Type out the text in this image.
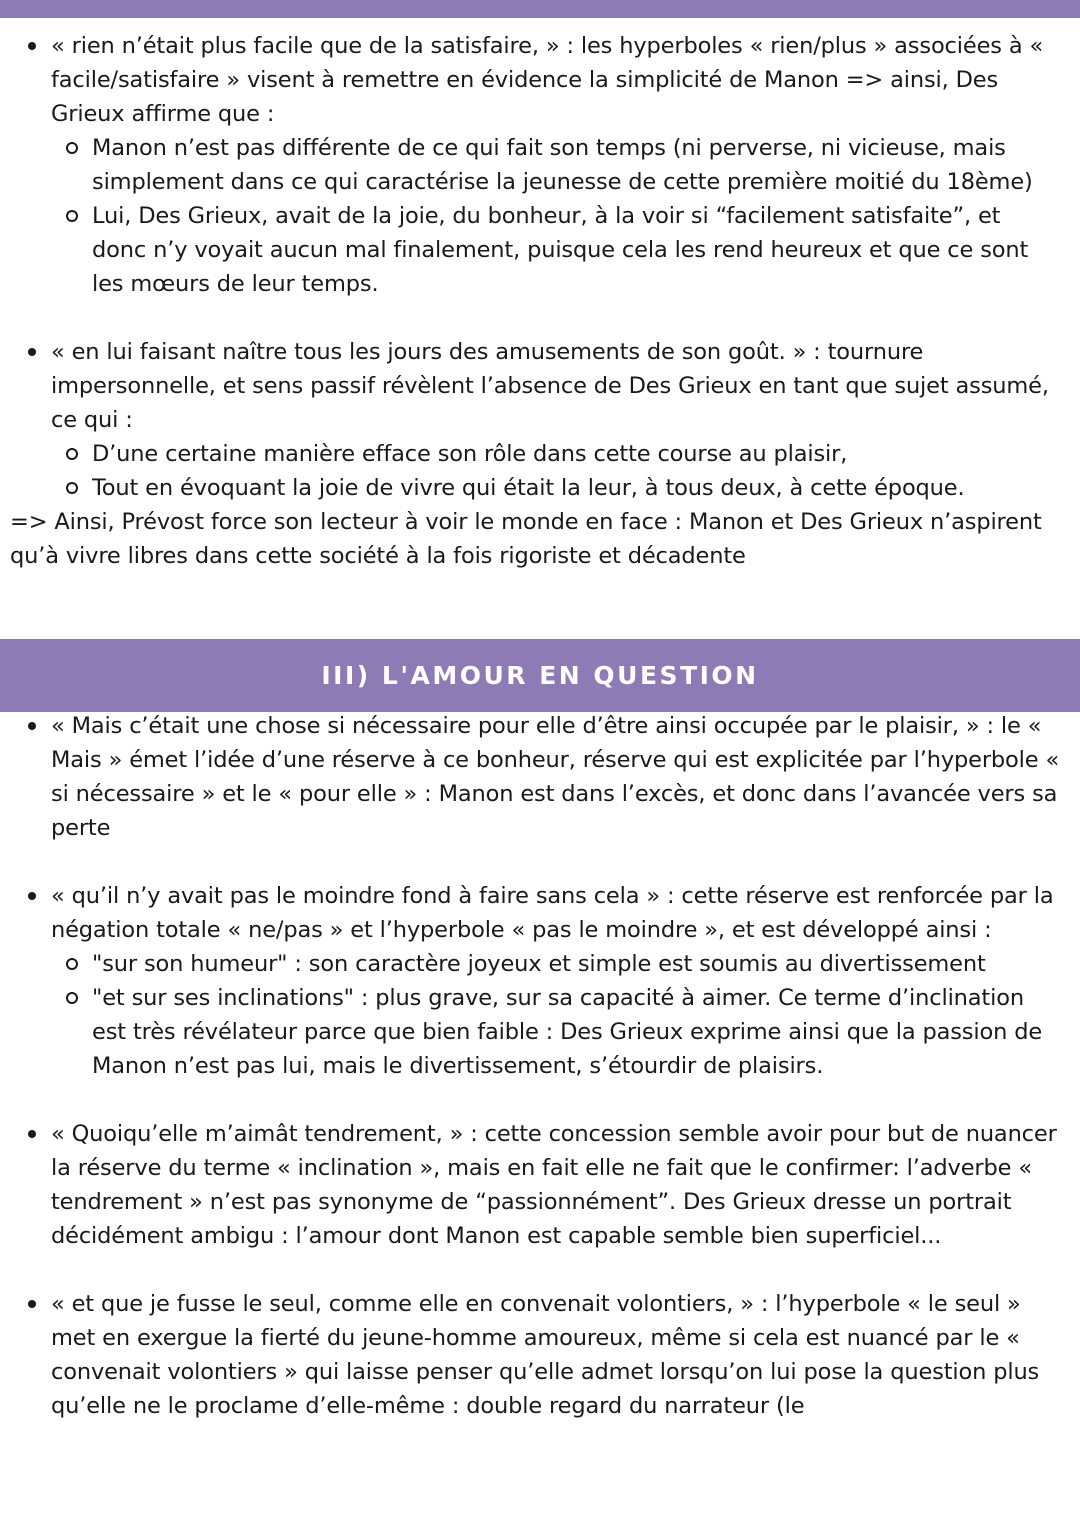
« rien n’était plus facile que de la satisfaire, » : les hyperboles « rien/plus » associées à « facile/satisfaire » visent à remettre en évidence la simplicité de Manon => ainsi, Des Grieux affirme que :
Manon n’est pas différente de ce qui fait son temps (ni perverse, ni vicieuse, mais simplement dans ce qui caractérise la jeunesse de cette première moitié du 18ème)
Lui, Des Grieux, avait de la joie, du bonheur, à la voir si “facilement satisfaite”, et donc n’y voyait aucun mal finalement, puisque cela les rend heureux et que ce sont les mœurs de leur temps.
« en lui faisant naître tous les jours des amusements de son goût. » : tournure impersonnelle, et sens passif révèlent l’absence de Des Grieux en tant que sujet assumé, ce qui :
D’une certaine manière efface son rôle dans cette course au plaisir,
Tout en évoquant la joie de vivre qui était la leur, à tous deux, à cette époque.
=> Ainsi, Prévost force son lecteur à voir le monde en face : Manon et Des Grieux n’aspirent qu’à vivre libres dans cette société à la fois rigoriste et décadente
III) L'AMOUR EN QUESTION
« Mais c’était une chose si nécessaire pour elle d’être ainsi occupée par le plaisir, » : le « Mais » émet l’idée d’une réserve à ce bonheur, réserve qui est explicitée par l’hyperbole « si nécessaire » et le « pour elle » : Manon est dans l’excès, et donc dans l’avancée vers sa perte
« qu’il n’y avait pas le moindre fond à faire sans cela » : cette réserve est renforcée par la négation totale « ne/pas » et l’hyperbole « pas le moindre », et est développé ainsi :
"sur son humeur" : son caractère joyeux et simple est soumis au divertissement
"et sur ses inclinations" : plus grave, sur sa capacité à aimer. Ce terme d’inclination est très révélateur parce que bien faible : Des Grieux exprime ainsi que la passion de Manon n’est pas lui, mais le divertissement, s’étourdir de plaisirs.
« Quoiqu’elle m’aimât tendrement, » : cette concession semble avoir pour but de nuancer la réserve du terme « inclination », mais en fait elle ne fait que le confirmer: l’adverbe « tendrement » n’est pas synonyme de “passionnément”. Des Grieux dresse un portrait décidément ambigu : l’amour dont Manon est capable semble bien superficiel...
« et que je fusse le seul, comme elle en convenait volontiers, » : l’hyperbole « le seul » met en exergue la fierté du jeune-homme amoureux, même si cela est nuancé par le « convenait volontiers » qui laisse penser qu’elle admet lorsqu’on lui pose la question plus qu’elle ne le proclame d’elle-même : double regard du narrateur (le
